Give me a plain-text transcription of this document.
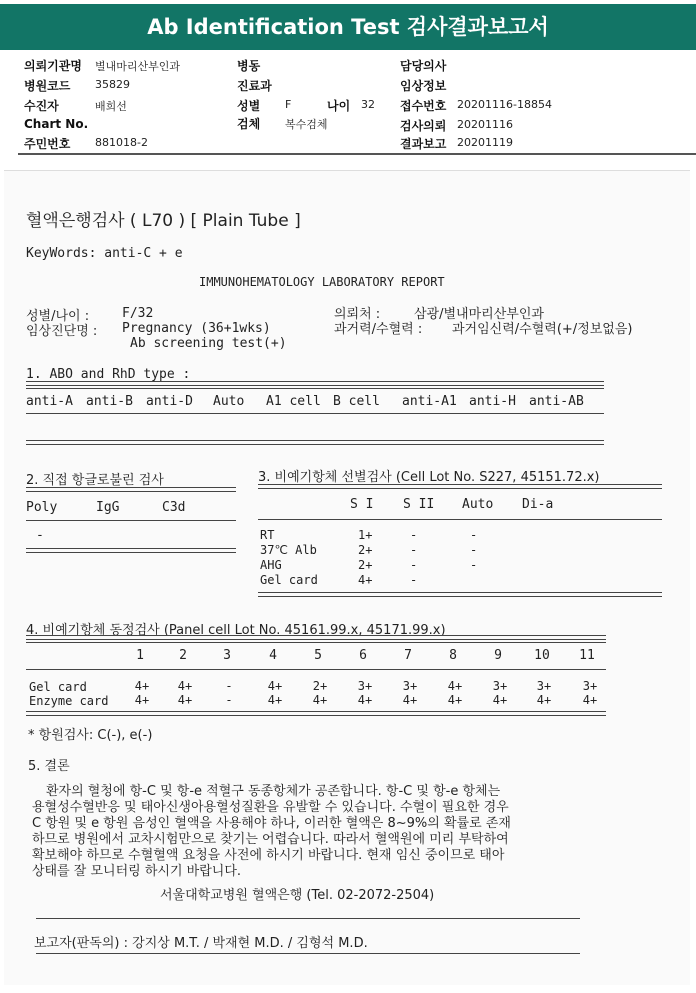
Ab Identification Test 검사결과보고서
의뢰기관명 별내마리산부인과
병원코드 35829
수진자	배희선
Chart No.
주민번호 881018-2
병동
진료과
성별 F	나이 32
검체 복수검체
담당의사
임상정보
접수번호 20201116-18854
검사의뢰 20201116
결과보고 20201119
혈액은행검사 ( L70 ) [ Plain Tube ]
KeyWords: anti-C + e
IMMUNOHEMATOLOGY LABORATORY REPORT
성별/나이 :	F/32
임상진단명 : Pregnancy (36+1wks)
Ab screening test(+)
의뢰처 :	삼광/별내마리산부인과
과거력/수혈력 : 과거임신력/수혈력(+/정보없음)
1. ABO and RhD type :
anti-A anti-B anti-D Auto A1 cell B cell anti-A1 anti-H anti-AB
2. 직접 항글로불린 검사
Poly	IgG	C3d
-
3. 비예기항체 선별검사 (Cell Lot No. S227, 45151.72.x)
S I S II Auto Di-a
RT	1+	-	-
37℃ Alb	2+	-	-
AHG	2+	-	-
Gel card	4+	-
4. 비예기항체 동정검사 (Panel cell Lot No. 45161.99.x, 45171.99.x)
1	2	3	4	5	6	7	8	9	10	11
Gel card	4+	4+	-	4+	2+	3+	3+	4+	3+	3+	3+
Enzyme card	4+	4+	-	4+	4+	4+	4+	4+	4+	4+	4+
* 항원검사: C(-), e(-)
5. 결론
환자의 혈청에 항-C 및 항-e 적혈구 동종항체가 공존합니다. 항-C 및 항-e 항체는
용혈성수혈반응 및 태아신생아용혈성질환을 유발할 수 있습니다. 수혈이 필요한 경우
C 항원 및 e 항원 음성인 혈액을 사용해야 하나, 이러한 혈액은 8~9%의 확률로 존재
하므로 병원에서 교차시험만으로 찾기는 어렵습니다. 따라서 혈액원에 미리 부탁하여
확보해야 하므로 수혈혈액 요청을 사전에 하시기 바랍니다. 현재 임신 중이므로 태아
상태를 잘 모니터링 하시기 바랍니다.
서울대학교병원 혈액은행 (Tel. 02-2072-2504)
보고자(판독의) : 강지상 M.T. / 박재현 M.D. / 김형석 M.D.
